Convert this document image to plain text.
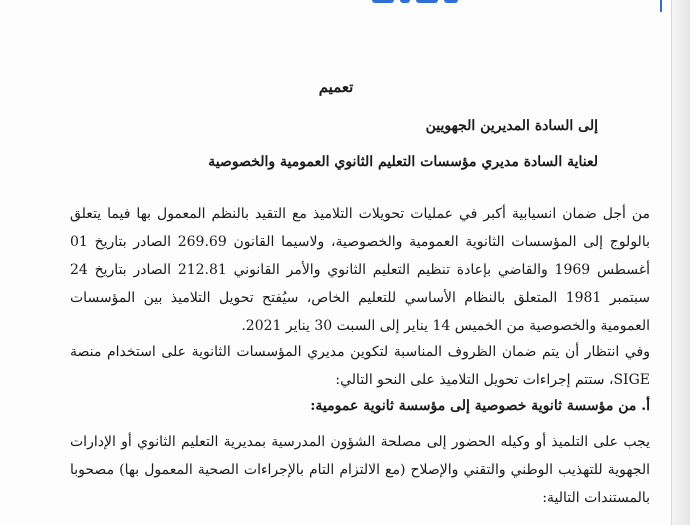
تعميم
إلى السادة المديرين الجهويين
لعناية السادة مديري مؤسسات التعليم الثانوي العمومية والخصوصية
من أجل ضمان انسيابية أكبر في عمليات تحويلات التلاميذ مع التقيد بالنظم المعمول بها فيما يتعلق بالولوج إلى المؤسسات الثانوية العمومية والخصوصية، ولاسيما القانون 269.69 الصادر بتاريخ 01 أغسطس 1969 والقاضي بإعادة تنظيم التعليم الثانوي والأمر القانوني 212.81 الصادر بتاريخ 24 سبتمبر 1981 المتعلق بالنظام الأساسي للتعليم الخاص، سيُفتح تحويل التلاميذ بين المؤسسات العمومية والخصوصية من الخميس 14 يناير إلى السبت 30 يناير 2021.
وفي انتظار أن يتم ضمان الظروف المناسبة لتكوين مديري المؤسسات الثانوية على استخدام منصة SIGE، ستتم إجراءات تحويل التلاميذ على النحو التالي:
أ. من مؤسسة ثانوية خصوصية إلى مؤسسة ثانوية عمومية:
يجب على التلميذ أو وكيله الحضور إلى مصلحة الشؤون المدرسية بمديرية التعليم الثانوي أو الإدارات الجهوية للتهذيب الوطني والتقني والإصلاح (مع الالتزام التام بالإجراءات الصحية المعمول بها) مصحوبا بالمستندات التالية:
